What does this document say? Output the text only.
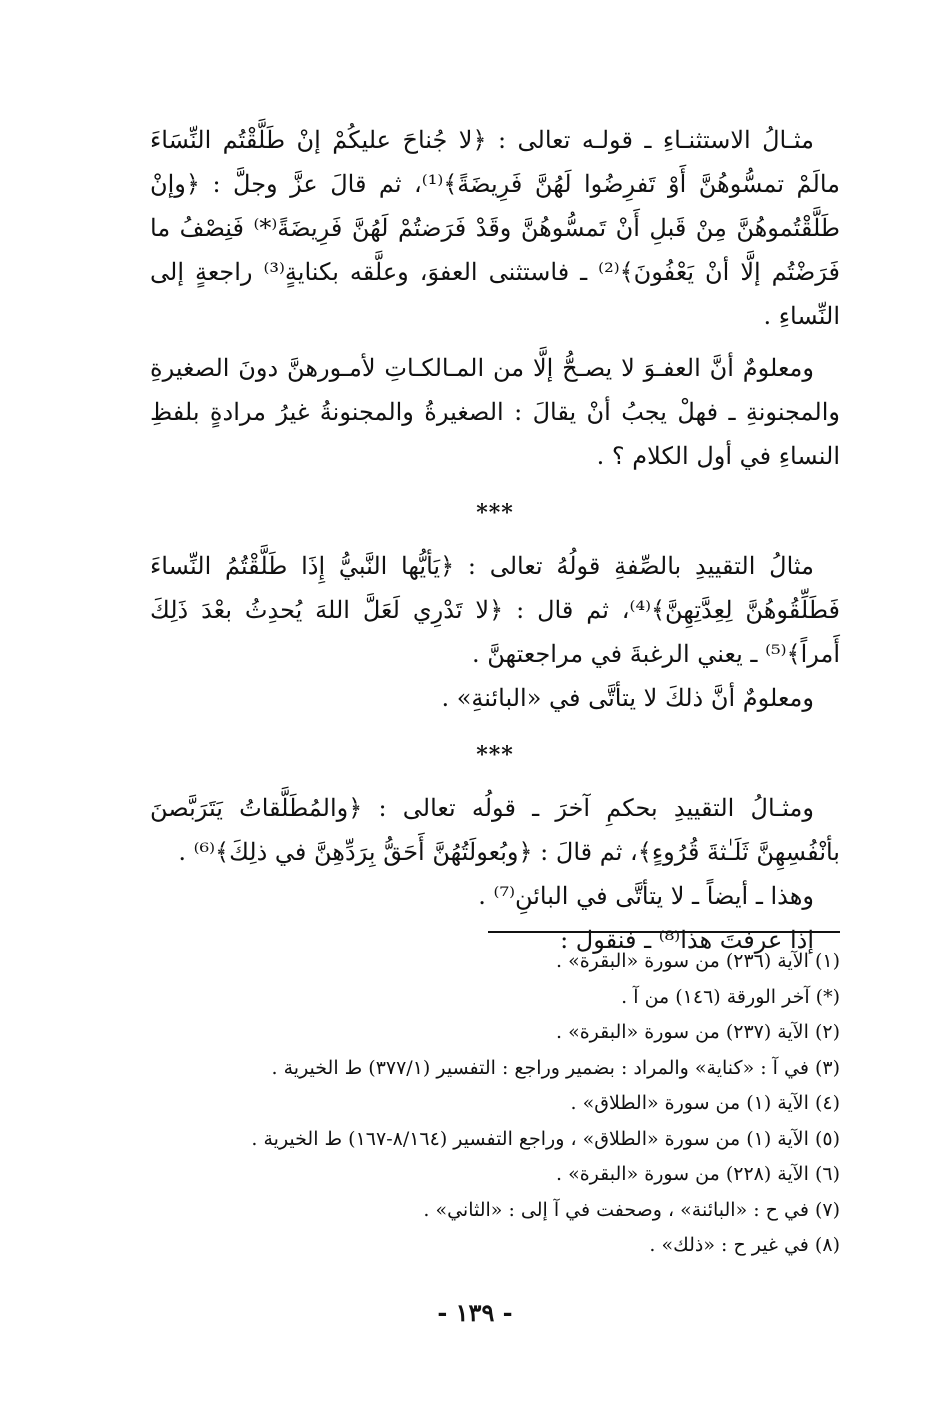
مثـالُ الاستثنـاءِ ـ قولـه تعالى : ﴿لا جُناحَ عليكُمْ إنْ طَلَّقْتُم النِّسَاءَ مالَمْ تمسُّوهُنَّ أَوْ تَفرِضُوا لَهُنَّ فَرِيضَةً﴾⁽¹⁾، ثم قالَ عزَّ وجلَّ : ﴿وإنْ طَلَّقْتُموهُنَّ مِنْ قَبلِ أَنْ تَمسُّوهُنَّ وقَدْ فَرَضتُمْ لَهُنَّ فَرِيضَةً⁽*⁾ فَنِصْفُ ما فَرَضْتُم إلَّا أنْ يَعْفُونَ﴾⁽²⁾ ـ فاستثنى العفوَ، وعلَّقه بكنايةٍ⁽³⁾ راجعةٍ إلى النِّساءِ .

ومعلومٌ أنَّ العفـوَ لا يصـحُّ إلَّا من المـالكـاتِ لأمـورهنَّ دونَ الصغيرةِ والمجنونةِ ـ فهلْ يجبُ أنْ يقالَ : الصغيرةُ والمجنونةُ غيرُ مرادةٍ بلفظِ النساءِ في أول الكلام ؟ .

***

مثالُ التقييدِ بالصِّفةِ قولُهُ تعالى : ﴿يَأيُّها النَّبيُّ إِذَا طَلَّقْتُمُ النِّساءَ فَطَلِّقُوهُنَّ لِعِدَّتِهِنَّ﴾⁽⁴⁾، ثم قال : ﴿لا تَدْرِي لَعَلَّ اللهَ يُحدِثُ بعْدَ ذَلِكَ أَمراً﴾⁽⁵⁾ ـ يعني الرغبةَ في مراجعتهنَّ .

ومعلومٌ أنَّ ذلكَ لا يتأتَّى في «البائنةِ» .

***

ومثـالُ التقييدِ بحكمِ آخرَ ـ قولُه تعالى : ﴿والمُطَلَّقاتُ يَتَرَبَّصنَ بأنْفُسِهِنَّ ثَلَـٰثةَ قُرُوءٍ﴾، ثم قالَ : ﴿وبُعولَتُهُنَّ أَحَقُّ بِرَدِّهِنَّ في ذلِكَ﴾⁽⁶⁾ .

وهذا ـ أيضاً ـ لا يتأتَّى في البائنِ⁽⁷⁾ .

إذا عرفتَ هذا⁽⁸⁾ ـ فنقول :

(١) الآية (٢٣٦) من سورة «البقرة» .
(*) آخر الورقة (١٤٦) من آ .
(٢) الآية (٢٣٧) من سورة «البقرة» .
(٣) في آ : «كناية» والمراد : بضمير وراجع : التفسير (٣٧٧/١) ط الخيرية .
(٤) الآية (١) من سورة «الطلاق» .
(٥) الآية (١) من سورة «الطلاق» ، وراجع التفسير (٨/١٦٤-١٦٧) ط الخيرية .
(٦) الآية (٢٢٨) من سورة «البقرة» .
(٧) في ح : «البائنة» ، وصحفت في آ إلى : «الثاني» .
(٨) في غير ح : «ذلك» .
- ١٣٩ -
